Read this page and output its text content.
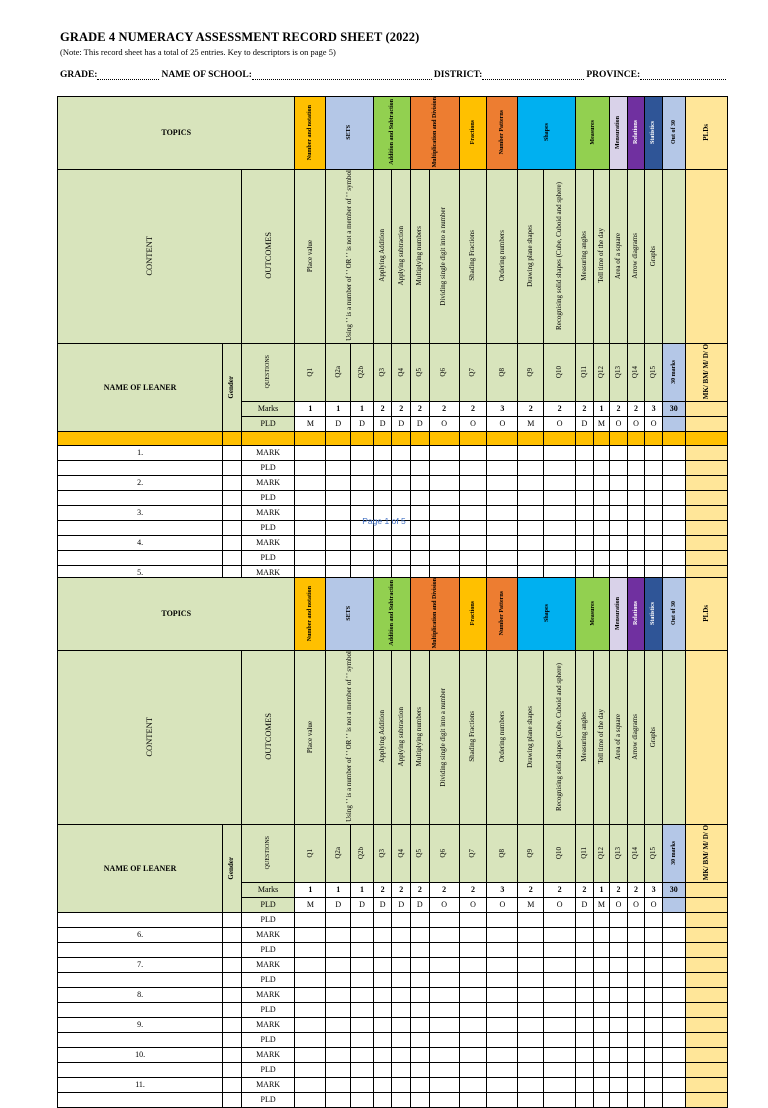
GRADE 4 NUMERACY ASSESSMENT RECORD SHEET (2022)
(Note: This record sheet has a total of 25 entries. Key to descriptors is on page 5)
GRADE:	NAME OF SCHOOL:	DISTRICT:	PROVINCE:
TOPICS			Number and notation	SETS		Addition and Subtraction		Multiplication and Division		Fractions	Number Patterns	Shapes		Measures		Mensuration	Relations	Statistics	Out of 30	PLDs
CONTENT		OUTCOMES	Place value	Using ' ' is a number of ' ' OR ' ' is not a member of ' ' symbol		Applying Addition	Applying subtraction	Multiplying numbers	Dividing single digit into a number	Shading Fractions	Ordering numbers	Drawing plane shapes	Recognising solid shapes (Cube, Cuboid and sphere)	Measuring angles	Tell time of the day	Area of a square	Arrow diagrams	Graphs		
NAME OF LEANER	Gender	QUESTIONS	Q1	Q2a	Q2b	Q3	Q4	Q5	Q6	Q7	Q8	Q9	Q10	Q11	Q12	Q13	Q14	Q15	30 marks	MK/ BM/ M/ D/ O
		Marks	1	1	1	2	2	2	2	2	3	2	2	2	1	2	2	3	30	
		PLD	M	D	D	D	D	D	O	O	O	M	O	D	M	O	O	O		

1.		MARK																		
		PLD																		
2.		MARK																		
		PLD																		
3.		MARK																		
		PLD																		
4.		MARK																		
		PLD																		
5.		MARK																		
Page 1 of 5
TOPICS			Number and notation	SETS		Addition and Subtraction		Multiplication and Division		Fractions	Number Patterns	Shapes		Measures		Mensuration	Relations	Statistics	Out of 30	PLDs
CONTENT		OUTCOMES	Place value	Using ' ' is a number of ' ' OR ' ' is not a member of ' ' symbol		Applying Addition	Applying subtraction	Multiplying numbers	Dividing single digit into a number	Shading Fractions	Ordering numbers	Drawing plane shapes	Recognising solid shapes (Cube, Cuboid and sphere)	Measuring angles	Tell time of the day	Area of a square	Arrow diagrams	Graphs		
NAME OF LEANER	Gender	QUESTIONS	Q1	Q2a	Q2b	Q3	Q4	Q5	Q6	Q7	Q8	Q9	Q10	Q11	Q12	Q13	Q14	Q15	30 marks	MK/ BM/ M/ D/ O
		Marks	1	1	1	2	2	2	2	2	3	2	2	2	1	2	2	3	30	
		PLD	M	D	D	D	D	D	O	O	O	M	O	D	M	O	O	O		
		PLD																		
6.		MARK																		
		PLD																		
7.		MARK																		
		PLD																		
8.		MARK																		
		PLD																		
9.		MARK																		
		PLD																		
10.		MARK																		
		PLD																		
11.		MARK																		
		PLD																		
